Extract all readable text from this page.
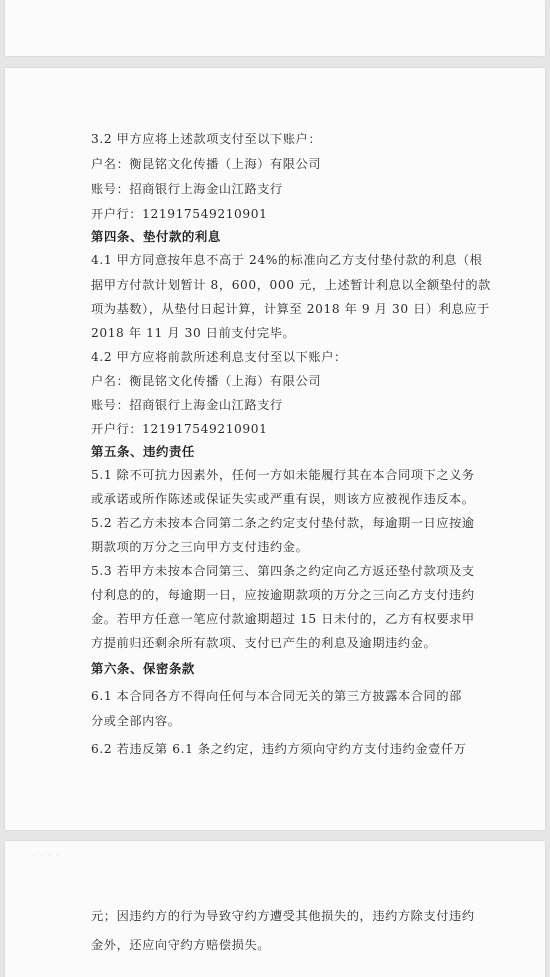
3.2 甲方应将上述款项支付至以下账户：
户名：衡昆铭文化传播（上海）有限公司
账号：招商银行上海金山江路支行
开户行：121917549210901
第四条、垫付款的利息
4.1 甲方同意按年息不高于 24%的标准向乙方支付垫付款的利息（根
据甲方付款计划暂计 8，600，000 元，上述暂计利息以全额垫付的款
项为基数），从垫付日起计算，计算至 2018 年 9 月 30 日）利息应于
2018 年 11 月 30 日前支付完毕。
4.2 甲方应将前款所述利息支付至以下账户：
户名：衡昆铭文化传播（上海）有限公司
账号：招商银行上海金山江路支行
开户行：121917549210901
第五条、违约责任
5.1 除不可抗力因素外，任何一方如未能履行其在本合同项下之义务
或承诺或所作陈述或保证失实或严重有误，则该方应被视作违反本。
5.2 若乙方未按本合同第二条之约定支付垫付款，每逾期一日应按逾
期款项的万分之三向甲方支付违约金。
5.3 若甲方未按本合同第三、第四条之约定向乙方返还垫付款项及支
付利息的的，每逾期一日，应按逾期款项的万分之三向乙方支付违约
金。若甲方任意一笔应付款逾期超过 15 日未付的，乙方有权要求甲
方提前归还剩余所有款项、支付已产生的利息及逾期违约金。
第六条、保密条款
6.1 本合同各方不得向任何与本合同无关的第三方披露本合同的部
分或全部内容。
6.2 若违反第 6.1 条之约定，违约方须向守约方支付违约金壹仟万
· · · ·
元；因违约方的行为导致守约方遭受其他损失的，违约方除支付违约
金外，还应向守约方赔偿损失。
